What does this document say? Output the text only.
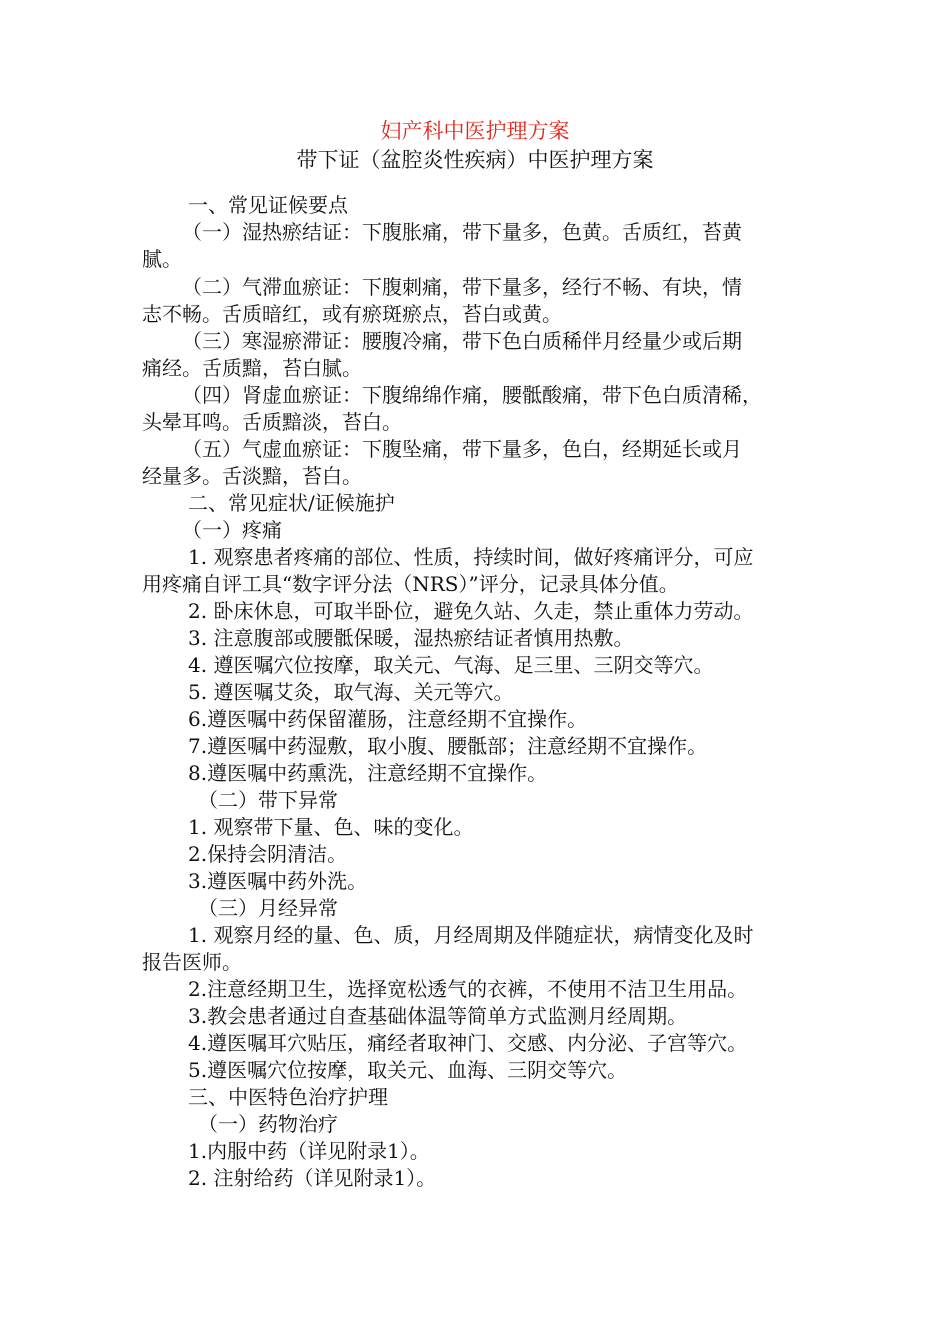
妇产科中医护理方案
带下证（盆腔炎性疾病）中医护理方案
一、常见证候要点
（一）湿热瘀结证：下腹胀痛，带下量多，色黄。舌质红，苔黄
腻。
（二）气滞血瘀证：下腹刺痛，带下量多，经行不畅、有块，情
志不畅。舌质暗红，或有瘀斑瘀点，苔白或黄。
（三）寒湿瘀滞证：腰腹冷痛，带下色白质稀伴月经量少或后期
痛经。舌质黯，苔白腻。
（四）肾虚血瘀证：下腹绵绵作痛，腰骶酸痛，带下色白质清稀，
头晕耳鸣。舌质黯淡，苔白。
（五）气虚血瘀证：下腹坠痛，带下量多，色白，经期延长或月
经量多。舌淡黯，苔白。
二、常见症状/证候施护
（一）疼痛
1. 观察患者疼痛的部位、性质，持续时间，做好疼痛评分，可应
用疼痛自评工具“数字评分法（NRS）”评分，记录具体分值。
2. 卧床休息，可取半卧位，避免久站、久走，禁止重体力劳动。
3. 注意腹部或腰骶保暖，湿热瘀结证者慎用热敷。
4. 遵医嘱穴位按摩，取关元、气海、足三里、三阴交等穴。
5. 遵医嘱艾灸，取气海、关元等穴。
6.遵医嘱中药保留灌肠，注意经期不宜操作。
7.遵医嘱中药湿敷，取小腹、腰骶部；注意经期不宜操作。
8.遵医嘱中药熏洗，注意经期不宜操作。
（二）带下异常
1. 观察带下量、色、味的变化。
2.保持会阴清洁。
3.遵医嘱中药外洗。
（三）月经异常
1. 观察月经的量、色、质，月经周期及伴随症状，病情变化及时
报告医师。
2.注意经期卫生，选择宽松透气的衣裤，不使用不洁卫生用品。
3.教会患者通过自查基础体温等简单方式监测月经周期。
4.遵医嘱耳穴贴压，痛经者取神门、交感、内分泌、子宫等穴。
5.遵医嘱穴位按摩，取关元、血海、三阴交等穴。
三、中医特色治疗护理
（一）药物治疗
1.内服中药（详见附录1）。
2. 注射给药（详见附录1）。
